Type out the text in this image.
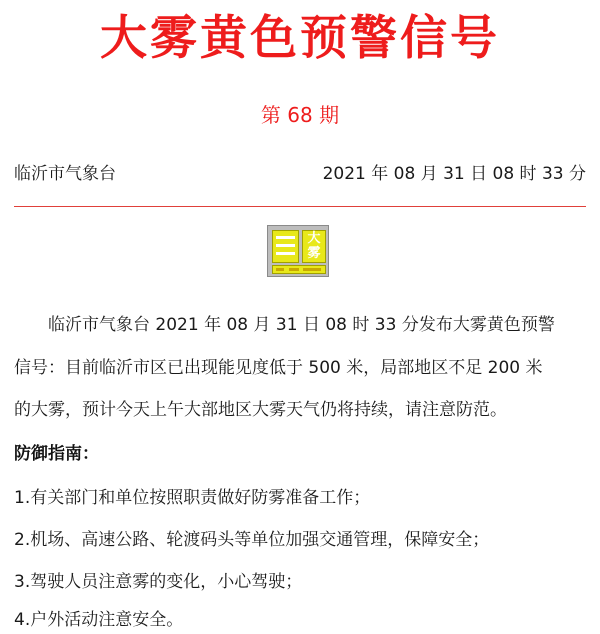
大雾黄色预警信号
第 68 期
临沂市气象台	2021 年 08 月 31 日 08 时 33 分
大雾
临沂市气象台 2021 年 08 月 31 日 08 时 33 分发布大雾黄色预警
信号：目前临沂市区已出现能见度低于 500 米，局部地区不足 200 米
的大雾，预计今天上午大部地区大雾天气仍将持续，请注意防范。
防御指南：
1.有关部门和单位按照职责做好防雾准备工作；
2.机场、高速公路、轮渡码头等单位加强交通管理，保障安全；
3.驾驶人员注意雾的变化，小心驾驶；
4.户外活动注意安全。
